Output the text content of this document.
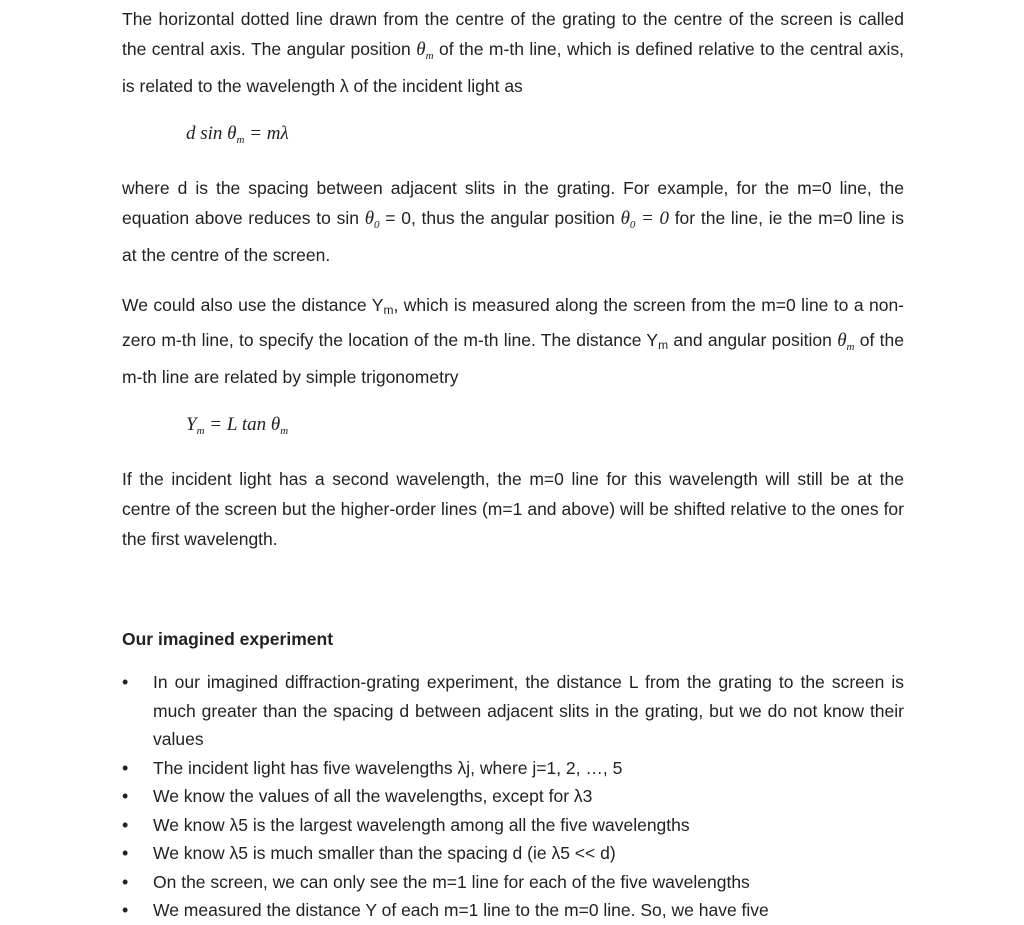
The horizontal dotted line drawn from the centre of the grating to the centre of the screen is called the central axis. The angular position $\theta_m$ of the m-th line, which is defined relative to the central axis, is related to the wavelength λ of the incident light as

d $\sin \theta_m = m\lambda$

where d is the spacing between adjacent slits in the grating. For example, for the m=0 line, the equation above reduces to $\sin \theta_0 = 0$, thus the angular position $\theta_0 = 0$ for the line, ie the m=0 line is at the centre of the screen.

We could also use the distance $Y_m$, which is measured along the screen from the m=0 line to a non-zero m-th line, to specify the location of the m-th line. The distance $Y_m$ and angular position $\theta_m$ of the m-th line are related by simple trigonometry

$Y_m = L$ $\tan \theta_m$

If the incident light has a second wavelength, the m=0 line for this wavelength will still be at the centre of the screen but the higher-order lines (m=1 and above) will be shifted relative to the ones for the first wavelength.

Our imagined experiment
• In our imagined diffraction-grating experiment, the distance L from the grating to the screen is much greater than the spacing d between adjacent slits in the grating, but we do not know their values
• The incident light has five wavelengths λj, where j=1, 2, …, 5
• We know the values of all the wavelengths, except for λ3
• We know λ5 is the largest wavelength among all the five wavelengths
• We know λ5 is much smaller than the spacing d (ie λ5 << d)
• On the screen, we can only see the m=1 line for each of the five wavelengths
• We measured the distance Y of each m=1 line to the m=0 line. So, we have five
